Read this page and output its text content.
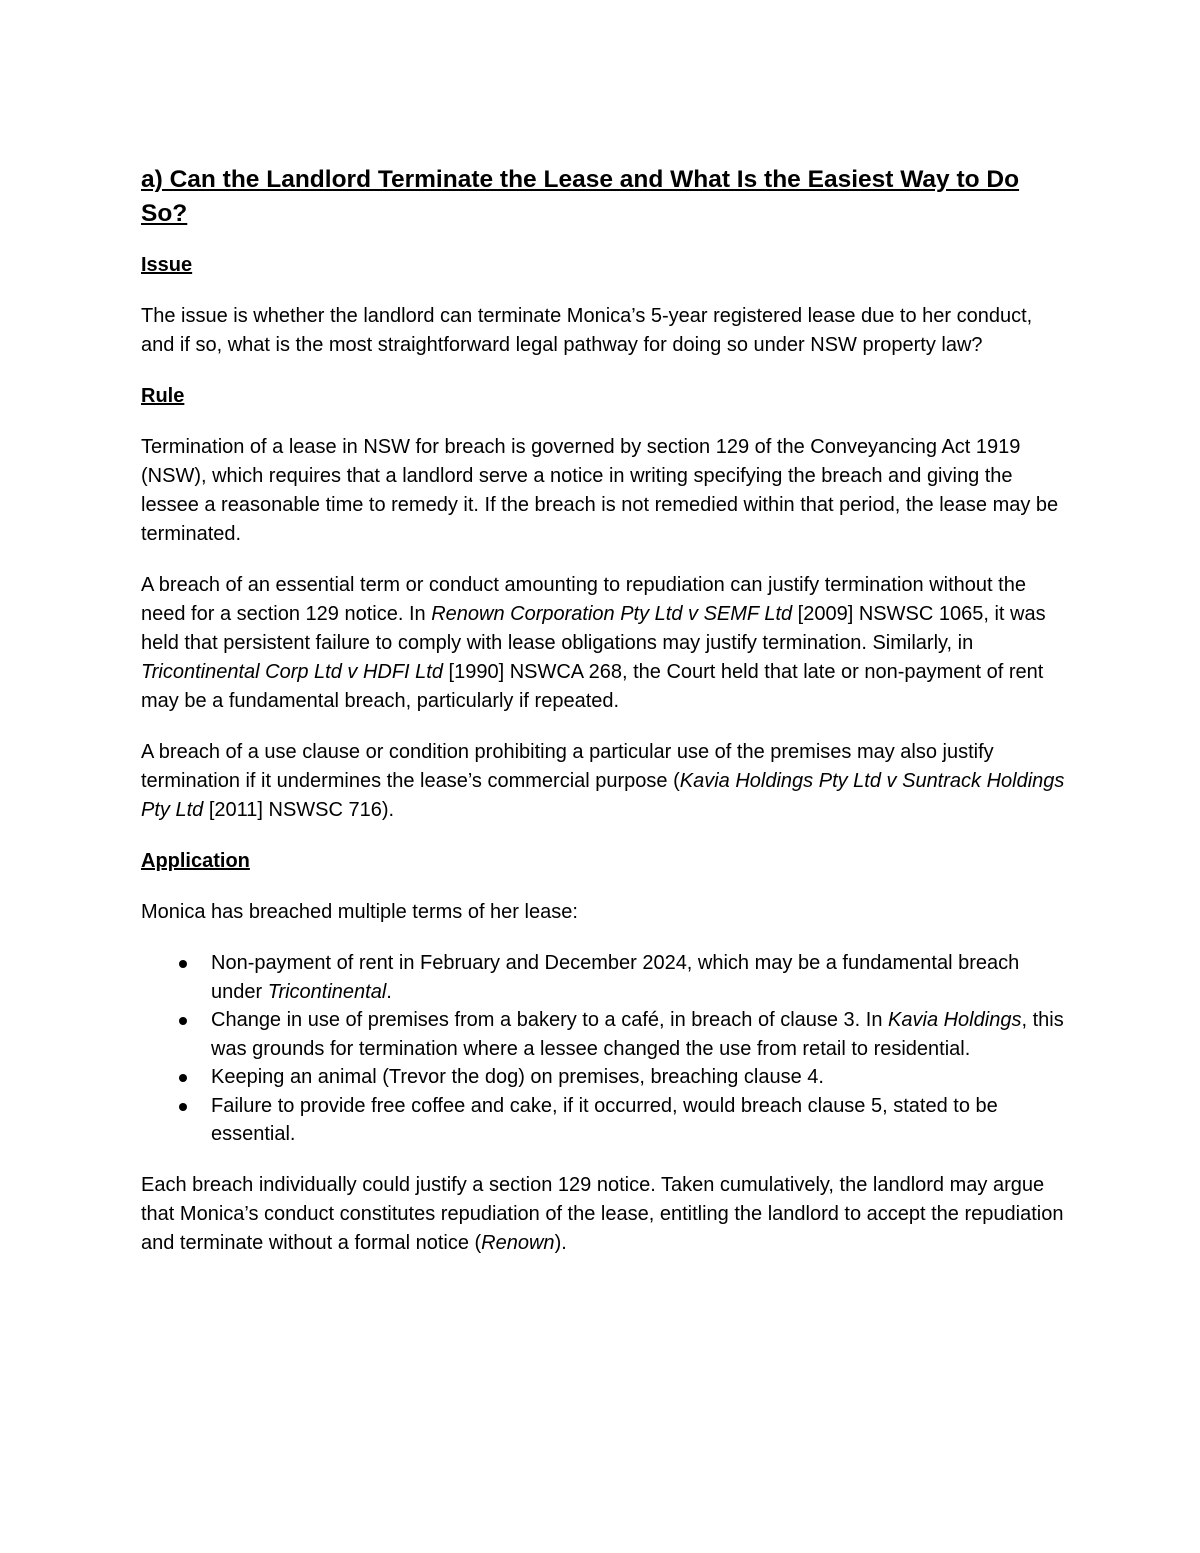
a) Can the Landlord Terminate the Lease and What Is the Easiest Way to Do So?
Issue

The issue is whether the landlord can terminate Monica’s 5-year registered lease due to her conduct, and if so, what is the most straightforward legal pathway for doing so under NSW property law?

Rule

Termination of a lease in NSW for breach is governed by section 129 of the Conveyancing Act 1919 (NSW), which requires that a landlord serve a notice in writing specifying the breach and giving the lessee a reasonable time to remedy it. If the breach is not remedied within that period, the lease may be terminated.

A breach of an essential term or conduct amounting to repudiation can justify termination without the need for a section 129 notice. In Renown Corporation Pty Ltd v SEMF Ltd [2009] NSWSC 1065, it was held that persistent failure to comply with lease obligations may justify termination. Similarly, in Tricontinental Corp Ltd v HDFI Ltd [1990] NSWCA 268, the Court held that late or non-payment of rent may be a fundamental breach, particularly if repeated.

A breach of a use clause or condition prohibiting a particular use of the premises may also justify termination if it undermines the lease’s commercial purpose (Kavia Holdings Pty Ltd v Suntrack Holdings Pty Ltd [2011] NSWSC 716).

Application

Monica has breached multiple terms of her lease:

Non-payment of rent in February and December 2024, which may be a fundamental breach under Tricontinental.
Change in use of premises from a bakery to a café, in breach of clause 3. In Kavia Holdings, this was grounds for termination where a lessee changed the use from retail to residential.
Keeping an animal (Trevor the dog) on premises, breaching clause 4.
Failure to provide free coffee and cake, if it occurred, would breach clause 5, stated to be essential.

Each breach individually could justify a section 129 notice. Taken cumulatively, the landlord may argue that Monica’s conduct constitutes repudiation of the lease, entitling the landlord to accept the repudiation and terminate without a formal notice (Renown).
